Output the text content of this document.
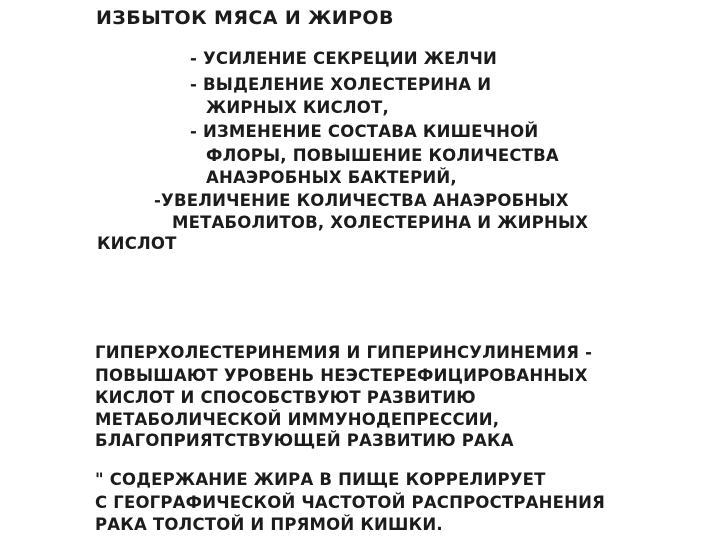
ИЗБЫТОК МЯСА И ЖИРОВ
- УСИЛЕНИЕ СЕКРЕЦИИ ЖЕЛЧИ
- ВЫДЕЛЕНИЕ ХОЛЕСТЕРИНА И
ЖИРНЫХ КИСЛОТ,
- ИЗМЕНЕНИЕ СОСТАВА КИШЕЧНОЙ
ФЛОРЫ, ПОВЫШЕНИЕ КОЛИЧЕСТВА
АНАЭРОБНЫХ БАКТЕРИЙ,
-УВЕЛИЧЕНИЕ КОЛИЧЕСТВА АНАЭРОБНЫХ
МЕТАБОЛИТОВ, ХОЛЕСТЕРИНА И ЖИРНЫХ
КИСЛОТ
ГИПЕРХОЛЕСТЕРИНЕМИЯ И ГИПЕРИНСУЛИНЕМИЯ -
ПОВЫШАЮТ УРОВЕНЬ НЕЭСТЕРЕФИЦИРОВАННЫХ
КИСЛОТ И СПОСОБСТВУЮТ РАЗВИТИЮ
МЕТАБОЛИЧЕСКОЙ ИММУНОДЕПРЕССИИ,
БЛАГОПРИЯТСТВУЮЩЕЙ РАЗВИТИЮ РАКА
" СОДЕРЖАНИЕ ЖИРА В ПИЩЕ КОРРЕЛИРУЕТ
С ГЕОГРАФИЧЕСКОЙ ЧАСТОТОЙ РАСПРОСТРАНЕНИЯ
РАКА ТОЛСТОЙ И ПРЯМОЙ КИШКИ.
